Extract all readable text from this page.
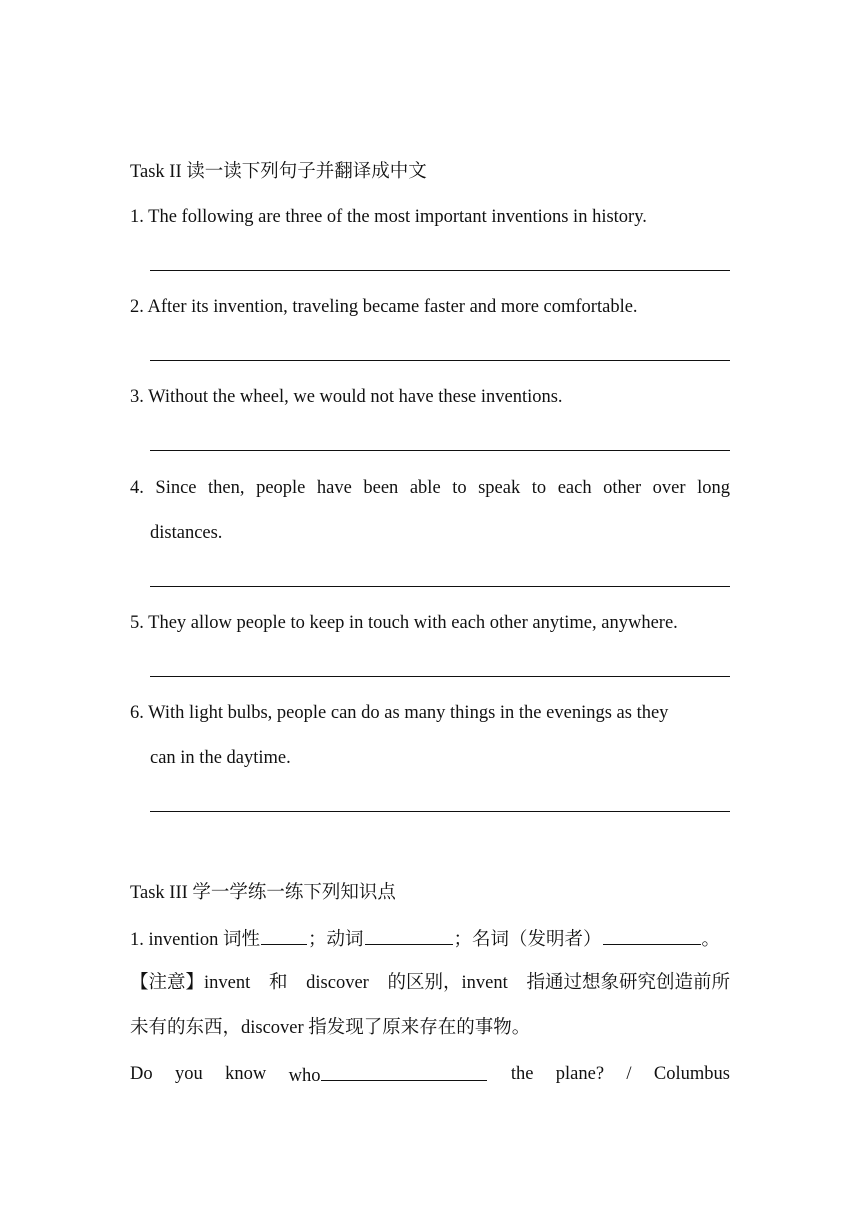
Task II 读一读下列句子并翻译成中文
1. The following are three of the most important inventions in history.
2. After its invention, traveling became faster and more comfortable.
3. Without the wheel, we would not have these inventions.
4. Since then, people have been able to speak to each other over long
distances.
5. They allow people to keep in touch with each other anytime, anywhere.
6. With light bulbs, people can do as many things in the evenings as they
can in the daytime.
Task III 学一学练一练下列知识点
1. invention 词性	；动词	；名词（发明者）	。
【注意】invent 和 discover 的区别，invent 指通过想象研究创造前所
未有的东西，discover 指发现了原来存在的事物。
Do you know who	the plane? / Columbus
